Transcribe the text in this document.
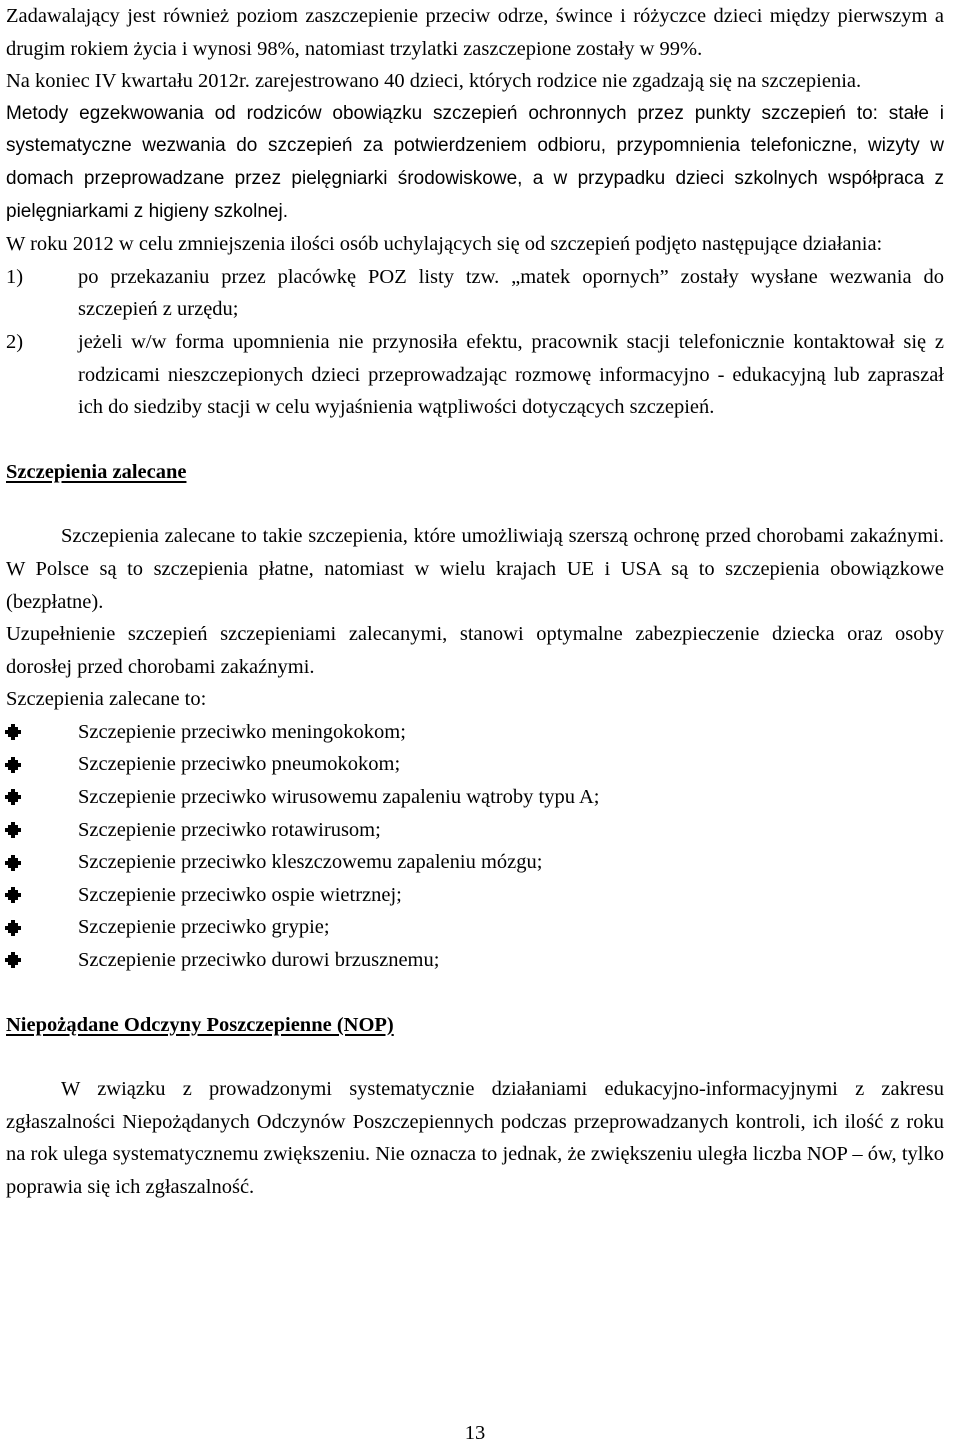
Zadawalający jest również poziom zaszczepienie przeciw odrze, śwince i różyczce dzieci między pierwszym a drugim rokiem życia i wynosi 98%, natomiast trzylatki zaszczepione zostały w 99%.

Na koniec IV kwartału 2012r. zarejestrowano 40 dzieci, których rodzice nie zgadzają się na szczepienia.

Metody egzekwowania od rodziców obowiązku szczepień ochronnych przez punkty szczepień to: stałe i systematyczne wezwania do szczepień za potwierdzeniem odbioru, przypomnienia telefoniczne, wizyty w domach przeprowadzane przez pielęgniarki środowiskowe, a w przypadku dzieci szkolnych współpraca z pielęgniarkami z higieny szkolnej.

W roku 2012 w celu zmniejszenia ilości osób uchylających się od szczepień podjęto następujące działania:

1)	po przekazaniu przez placówkę POZ listy tzw. „matek opornych” zostały wysłane wezwania do szczepień z urzędu;
2)	jeżeli w/w forma upomnienia nie przynosiła efektu, pracownik stacji telefonicznie kontaktował się z rodzicami nieszczepionych dzieci przeprowadzając rozmowę informacyjno - edukacyjną lub zapraszał ich do siedziby stacji w celu wyjaśnienia wątpliwości dotyczących szczepień.

Szczepienia zalecane

Szczepienia zalecane to takie szczepienia, które umożliwiają szerszą ochronę przed chorobami zakaźnymi. W Polsce są to szczepienia płatne, natomiast w wielu krajach UE i USA są to szczepienia obowiązkowe (bezpłatne).

Uzupełnienie szczepień szczepieniami zalecanymi, stanowi optymalne zabezpieczenie dziecka oraz osoby dorosłej przed chorobami zakaźnymi.

Szczepienia zalecane to:

Szczepienie przeciwko meningokokom;
Szczepienie przeciwko pneumokokom;
Szczepienie przeciwko wirusowemu zapaleniu wątroby typu A;
Szczepienie przeciwko rotawirusom;
Szczepienie przeciwko kleszczowemu zapaleniu mózgu;
Szczepienie przeciwko ospie wietrznej;
Szczepienie przeciwko grypie;
Szczepienie przeciwko durowi brzusznemu;

Niepożądane Odczyny Poszczepienne (NOP)

W związku z prowadzonymi systematycznie działaniami edukacyjno-informacyjnymi z zakresu zgłaszalności Niepożądanych Odczynów Poszczepiennych podczas przeprowadzanych kontroli, ich ilość z roku na rok ulega systematycznemu zwiększeniu. Nie oznacza to jednak, że zwiększeniu uległa liczba NOP – ów, tylko poprawia się ich zgłaszalność.

13
